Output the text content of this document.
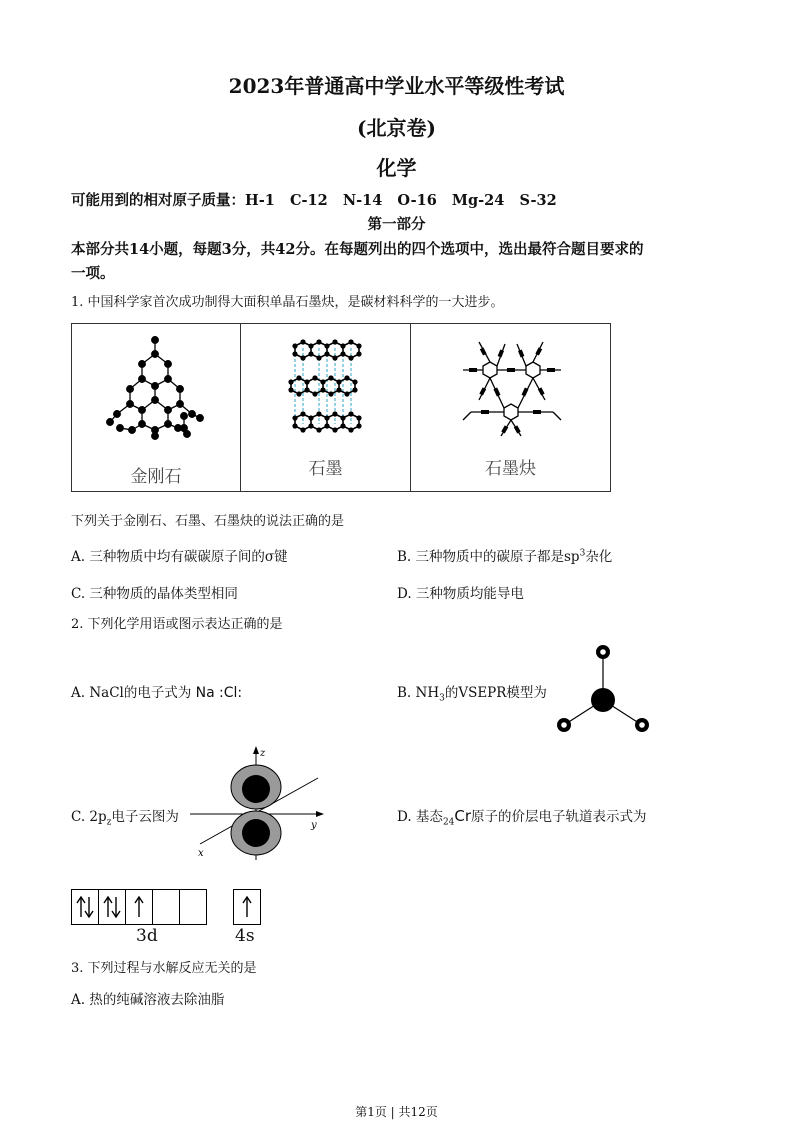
2023年普通高中学业水平等级性考试
(北京卷)
化学
可能用到的相对原子质量：H-1   C-12   N-14   O-16   Mg-24   S-32
第一部分
本部分共14小题，每题3分，共42分。在每题列出的四个选项中，选出最符合题目要求的
一项。
1. 中国科学家首次成功制得大面积单晶石墨炔，是碳材料科学的一大进步。
金刚石	石墨	石墨炔
下列关于金刚石、石墨、石墨炔的说法正确的是
A. 三种物质中均有碳碳原子间的σ键	B. 三种物质中的碳原子都是$sp^3$杂化
C. 三种物质的晶体类型相同	D. 三种物质均能导电
2. 下列化学用语或图示表达正确的是
A. NaCl的电子式为 Na :Cl:	B. $NH_3$的VSEPR模型为
C. $2p_z$电子云图为
z
y
x
D. 基态$_{24}$Cr原子的价层电子轨道表示式为
3d	4s
3. 下列过程与水解反应无关的是
A. 热的纯碱溶液去除油脂
第1页 | 共12页
